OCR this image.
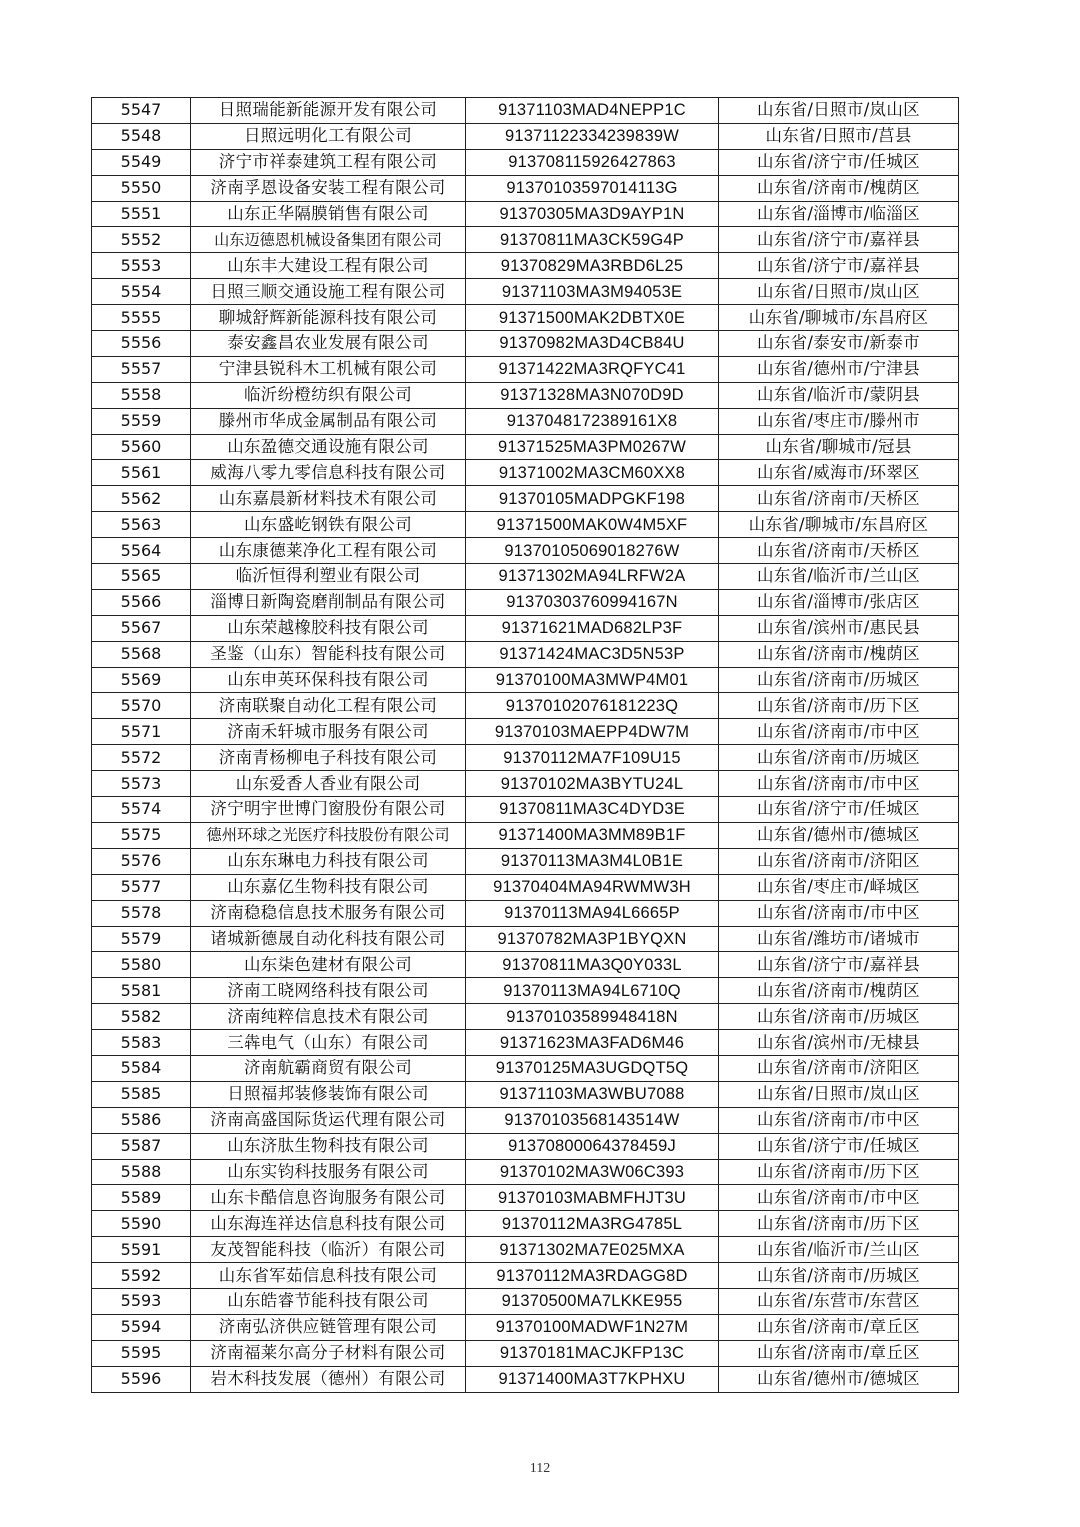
5547	日照瑞能新能源开发有限公司	91371103MAD4NEPP1C	山东省/日照市/岚山区
5548	日照远明化工有限公司	91371122334239839W	山东省/日照市/莒县
5549	济宁市祥泰建筑工程有限公司	913708115926427863	山东省/济宁市/任城区
5550	济南孚恩设备安装工程有限公司	91370103597014113G	山东省/济南市/槐荫区
5551	山东正华隔膜销售有限公司	91370305MA3D9AYP1N	山东省/淄博市/临淄区
5552	山东迈德恩机械设备集团有限公司	91370811MA3CK59G4P	山东省/济宁市/嘉祥县
5553	山东丰大建设工程有限公司	91370829MA3RBD6L25	山东省/济宁市/嘉祥县
5554	日照三顺交通设施工程有限公司	91371103MA3M94053E	山东省/日照市/岚山区
5555	聊城舒辉新能源科技有限公司	91371500MAK2DBTX0E	山东省/聊城市/东昌府区
5556	泰安鑫昌农业发展有限公司	91370982MA3D4CB84U	山东省/泰安市/新泰市
5557	宁津县锐科木工机械有限公司	91371422MA3RQFYC41	山东省/德州市/宁津县
5558	临沂纷橙纺织有限公司	91371328MA3N070D9D	山东省/临沂市/蒙阴县
5559	滕州市华成金属制品有限公司	9137048172389161X8	山东省/枣庄市/滕州市
5560	山东盈德交通设施有限公司	91371525MA3PM0267W	山东省/聊城市/冠县
5561	威海八零九零信息科技有限公司	91371002MA3CM60XX8	山东省/威海市/环翠区
5562	山东嘉晨新材料技术有限公司	91370105MADPGKF198	山东省/济南市/天桥区
5563	山东盛屹钢铁有限公司	91371500MAK0W4M5XF	山东省/聊城市/东昌府区
5564	山东康德莱净化工程有限公司	91370105069018276W	山东省/济南市/天桥区
5565	临沂恒得利塑业有限公司	91371302MA94LRFW2A	山东省/临沂市/兰山区
5566	淄博日新陶瓷磨削制品有限公司	91370303760994167N	山东省/淄博市/张店区
5567	山东荣越橡胶科技有限公司	91371621MAD682LP3F	山东省/滨州市/惠民县
5568	圣鉴（山东）智能科技有限公司	91371424MAC3D5N53P	山东省/济南市/槐荫区
5569	山东申英环保科技有限公司	91370100MA3MWP4M01	山东省/济南市/历城区
5570	济南联聚自动化工程有限公司	91370102076181223Q	山东省/济南市/历下区
5571	济南禾轩城市服务有限公司	91370103MAEPP4DW7M	山东省/济南市/市中区
5572	济南青杨柳电子科技有限公司	91370112MA7F109U15	山东省/济南市/历城区
5573	山东爱香人香业有限公司	91370102MA3BYTU24L	山东省/济南市/市中区
5574	济宁明宇世博门窗股份有限公司	91370811MA3C4DYD3E	山东省/济宁市/任城区
5575	德州环球之光医疗科技股份有限公司	91371400MA3MM89B1F	山东省/德州市/德城区
5576	山东东琳电力科技有限公司	91370113MA3M4L0B1E	山东省/济南市/济阳区
5577	山东嘉亿生物科技有限公司	91370404MA94RWMW3H	山东省/枣庄市/峄城区
5578	济南稳稳信息技术服务有限公司	91370113MA94L6665P	山东省/济南市/市中区
5579	诸城新德晟自动化科技有限公司	91370782MA3P1BYQXN	山东省/潍坊市/诸城市
5580	山东柒色建材有限公司	91370811MA3Q0Y033L	山东省/济宁市/嘉祥县
5581	济南工晓网络科技有限公司	91370113MA94L6710Q	山东省/济南市/槐荫区
5582	济南纯粹信息技术有限公司	91370103589948418N	山东省/济南市/历城区
5583	三犇电气（山东）有限公司	91371623MA3FAD6M46	山东省/滨州市/无棣县
5584	济南航霸商贸有限公司	91370125MA3UGDQT5Q	山东省/济南市/济阳区
5585	日照福邦装修装饰有限公司	91371103MA3WBU7088	山东省/日照市/岚山区
5586	济南高盛国际货运代理有限公司	91370103568143514W	山东省/济南市/市中区
5587	山东济肽生物科技有限公司	91370800064378459J	山东省/济宁市/任城区
5588	山东实钧科技服务有限公司	91370102MA3W06C393	山东省/济南市/历下区
5589	山东卡酷信息咨询服务有限公司	91370103MABMFHJT3U	山东省/济南市/市中区
5590	山东海连祥达信息科技有限公司	91370112MA3RG4785L	山东省/济南市/历下区
5591	友茂智能科技（临沂）有限公司	91371302MA7E025MXA	山东省/临沂市/兰山区
5592	山东省军茹信息科技有限公司	91370112MA3RDAGG8D	山东省/济南市/历城区
5593	山东皓睿节能科技有限公司	91370500MA7LKKE955	山东省/东营市/东营区
5594	济南弘济供应链管理有限公司	91370100MADWF1N27M	山东省/济南市/章丘区
5595	济南福莱尔高分子材料有限公司	91370181MACJKFP13C	山东省/济南市/章丘区
5596	岩木科技发展（德州）有限公司	91371400MA3T7KPHXU	山东省/德州市/德城区
112
